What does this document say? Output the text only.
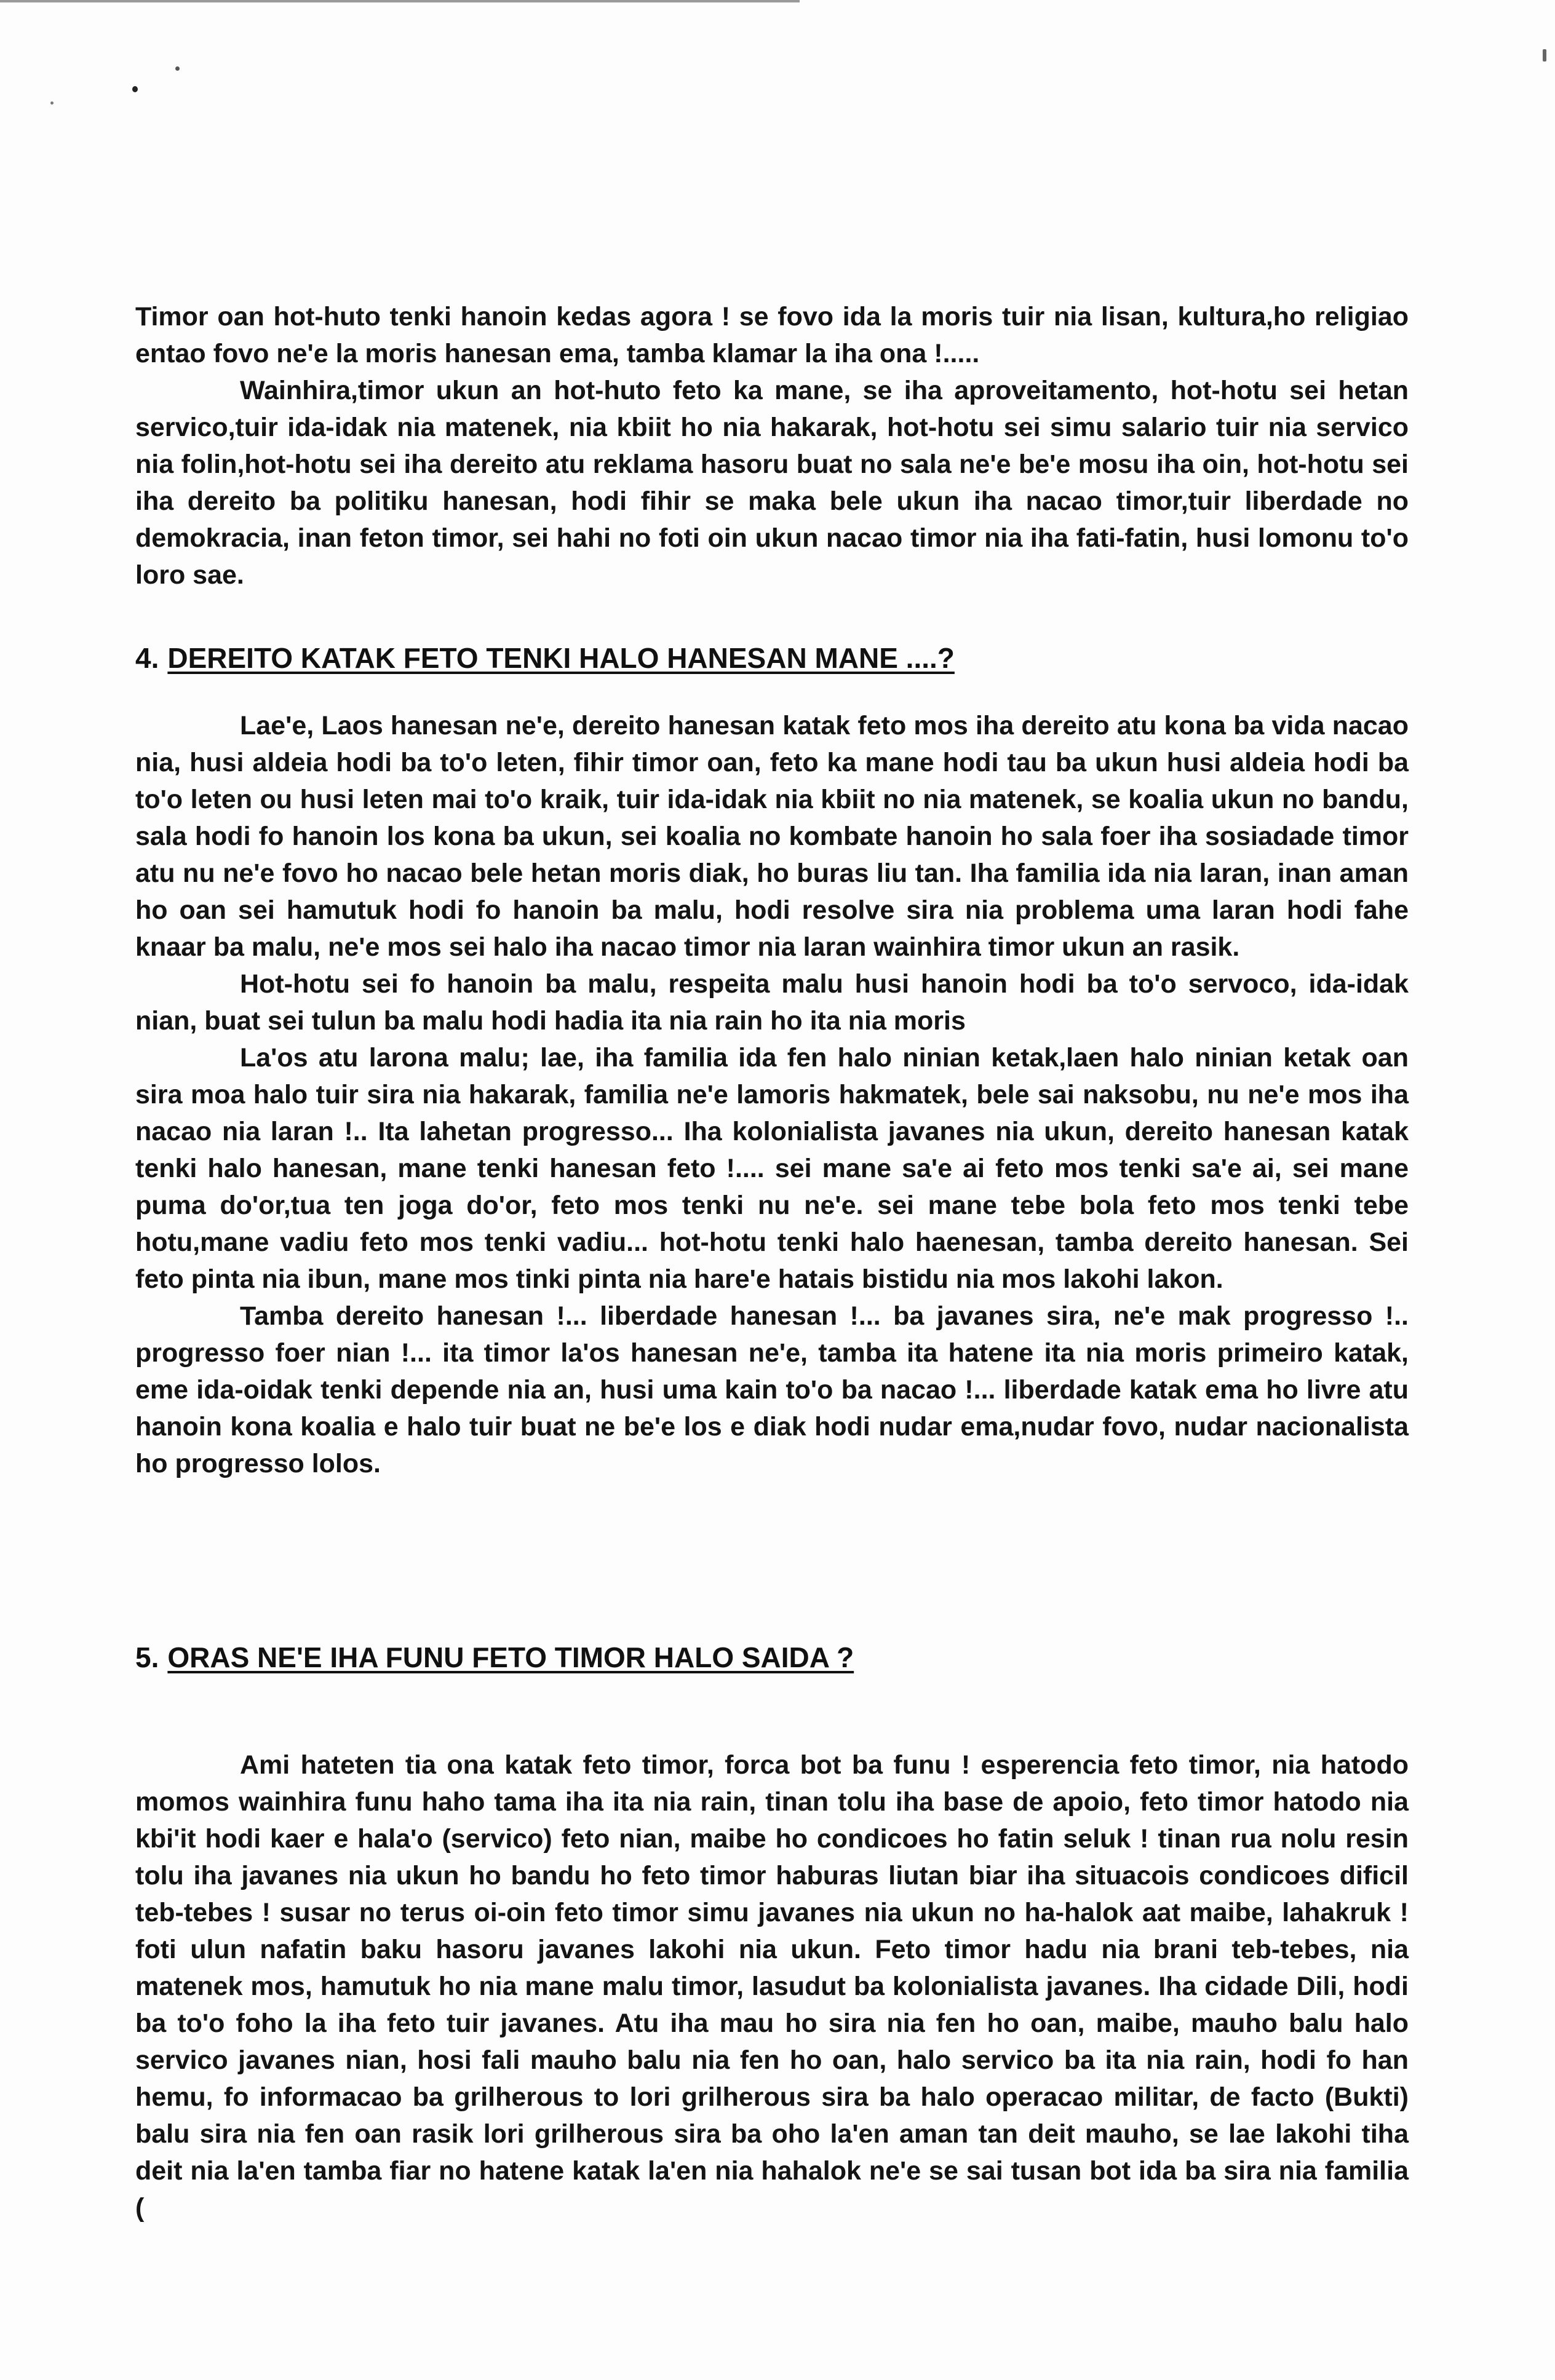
Timor oan hot-huto tenki hanoin kedas agora ! se fovo ida la moris tuir nia lisan, kultura,ho religiao entao fovo ne'e la moris hanesan ema, tamba klamar la iha ona !.....

Wainhira,timor ukun an hot-huto feto ka mane, se iha aproveitamento, hot-hotu sei hetan servico,tuir ida-idak nia matenek, nia kbiit ho nia hakarak, hot-hotu sei simu salario tuir nia servico nia folin,hot-hotu sei iha dereito atu reklama hasoru buat no sala ne'e be'e mosu iha oin, hot-hotu sei iha dereito ba politiku hanesan, hodi fihir se maka bele ukun iha nacao timor,tuir liberdade no demokracia, inan feton timor, sei hahi no foti oin ukun nacao timor nia iha fati-fatin, husi lomonu to'o loro sae.

4. DEREITO KATAK FETO TENKI HALO HANESAN MANE ....?

Lae'e, Laos hanesan ne'e, dereito hanesan katak feto mos iha dereito atu kona ba vida nacao nia, husi aldeia hodi ba to'o leten, fihir timor oan, feto ka mane hodi tau ba ukun husi aldeia hodi ba to'o leten ou husi leten mai to'o kraik, tuir ida-idak nia kbiit no nia matenek, se koalia ukun no bandu, sala hodi fo hanoin los kona ba ukun, sei koalia no kombate hanoin ho sala foer iha sosiadade timor atu nu ne'e fovo ho nacao bele hetan moris diak, ho buras liu tan. Iha familia ida nia laran, inan aman ho oan sei hamutuk hodi fo hanoin ba malu, hodi resolve sira nia problema uma laran hodi fahe knaar ba malu, ne'e mos sei halo iha nacao timor nia laran wainhira timor ukun an rasik.

Hot-hotu sei fo hanoin ba malu, respeita malu husi hanoin hodi ba to'o servoco, ida-idak nian, buat sei tulun ba malu hodi hadia ita nia rain ho ita nia moris

La'os atu larona malu; lae, iha familia ida fen halo ninian ketak,laen halo ninian ketak oan sira moa halo tuir sira nia hakarak, familia ne'e lamoris hakmatek, bele sai naksobu, nu ne'e mos iha nacao nia laran !.. Ita lahetan progresso... Iha kolonialista javanes nia ukun, dereito hanesan katak tenki halo hanesan, mane tenki hanesan feto !.... sei mane sa'e ai feto mos tenki sa'e ai, sei mane puma do'or,tua ten joga do'or, feto mos tenki nu ne'e. sei mane tebe bola feto mos tenki tebe hotu,mane vadiu feto mos tenki vadiu... hot-hotu tenki halo haenesan, tamba dereito hanesan. Sei feto pinta nia ibun, mane mos tinki pinta nia hare'e hatais bistidu nia mos lakohi lakon.

Tamba dereito hanesan !... liberdade hanesan !... ba javanes sira, ne'e mak progresso !.. progresso foer nian !... ita timor la'os hanesan ne'e, tamba ita hatene ita nia moris primeiro katak, eme ida-oidak tenki depende nia an, husi uma kain to'o ba nacao !... liberdade katak ema ho livre atu hanoin kona koalia e halo tuir buat ne be'e los e diak hodi nudar ema,nudar fovo, nudar nacionalista ho progresso lolos.

5. ORAS NE'E IHA FUNU FETO TIMOR HALO SAIDA ?

Ami hateten tia ona katak feto timor, forca bot ba funu ! esperencia feto timor, nia hatodo momos wainhira funu haho tama iha ita nia rain, tinan tolu iha base de apoio, feto timor hatodo nia kbi'it hodi kaer e hala'o (servico) feto nian, maibe ho condicoes ho fatin seluk ! tinan rua nolu resin tolu iha javanes nia ukun ho bandu ho feto timor haburas liutan biar iha situacois condicoes dificil teb-tebes ! susar no terus oi-oin feto timor simu javanes nia ukun no ha-halok aat maibe, lahakruk ! foti ulun nafatin baku hasoru javanes lakohi nia ukun. Feto timor hadu nia brani teb-tebes, nia matenek mos, hamutuk ho nia mane malu timor, lasudut ba kolonialista javanes. Iha cidade Dili, hodi ba to'o foho la iha feto tuir javanes. Atu iha mau ho sira nia fen ho oan, maibe, mauho balu halo servico javanes nian, hosi fali mauho balu nia fen ho oan, halo servico ba ita nia rain, hodi fo han hemu, fo informacao ba grilherous to lori grilherous sira ba halo operacao militar, de facto (Bukti) balu sira nia fen oan rasik lori grilherous sira ba oho la'en aman tan deit mauho, se lae lakohi tiha deit nia la'en tamba fiar no hatene katak la'en nia hahalok ne'e se sai tusan bot ida ba sira nia familia (
